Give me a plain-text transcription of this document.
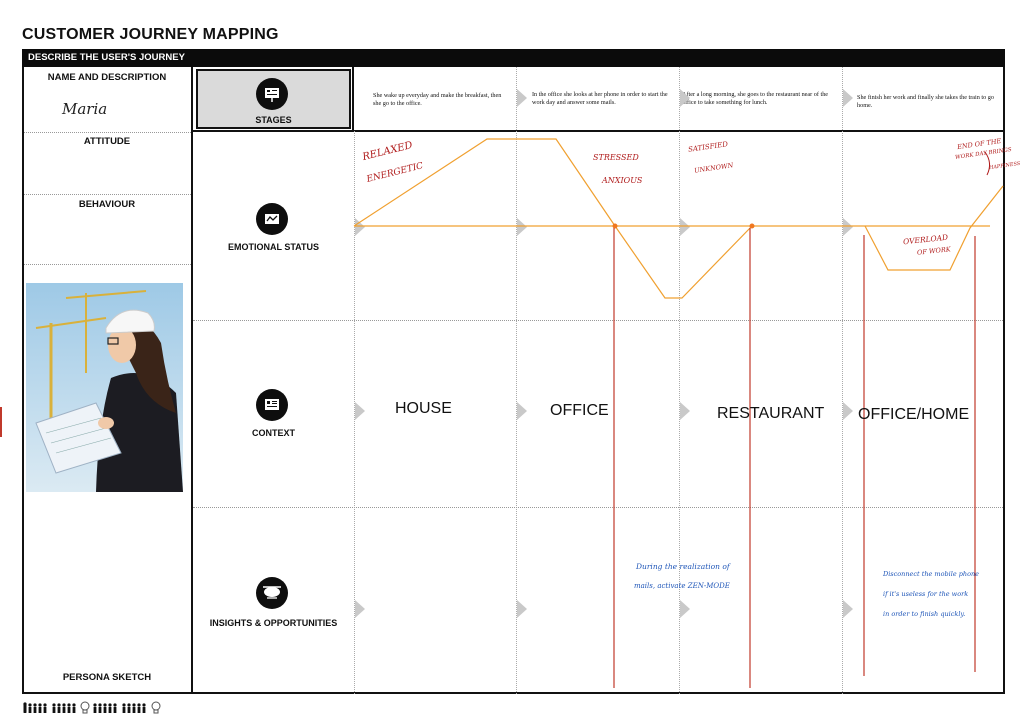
CUSTOMER JOURNEY MAPPING
DESCRIBE THE USER'S JOURNEY
NAME AND DESCRIPTION
Maria
ATTITUDE
BEHAVIOUR
PERSONA SKETCH
STAGES
She wake up everyday and make the breakfast, then she go to the office.
In the office she looks at her phone in order to start the work day and answer some mails.
After a long morning, she goes to the restaurant near of the office to take something for lunch.
She finish her work and finally she takes the train to go home.
EMOTIONAL STATUS
RELAXED
ENERGETIC
STRESSED
ANXIOUS
SATISFIED
UNKNOWN
OVERLOAD
OF WORK
END OF THE
WORK DAY BRINGS
HAPPINESS
CONTEXT
HOUSE	OFFICE	RESTAURANT OFFICE/HOME
INSIGHTS & OPPORTUNITIES
During the realization of
mails, activate ZEN-MODE
Disconnect the mobile phone
if it's useless for the work
in order to finish quickly.
